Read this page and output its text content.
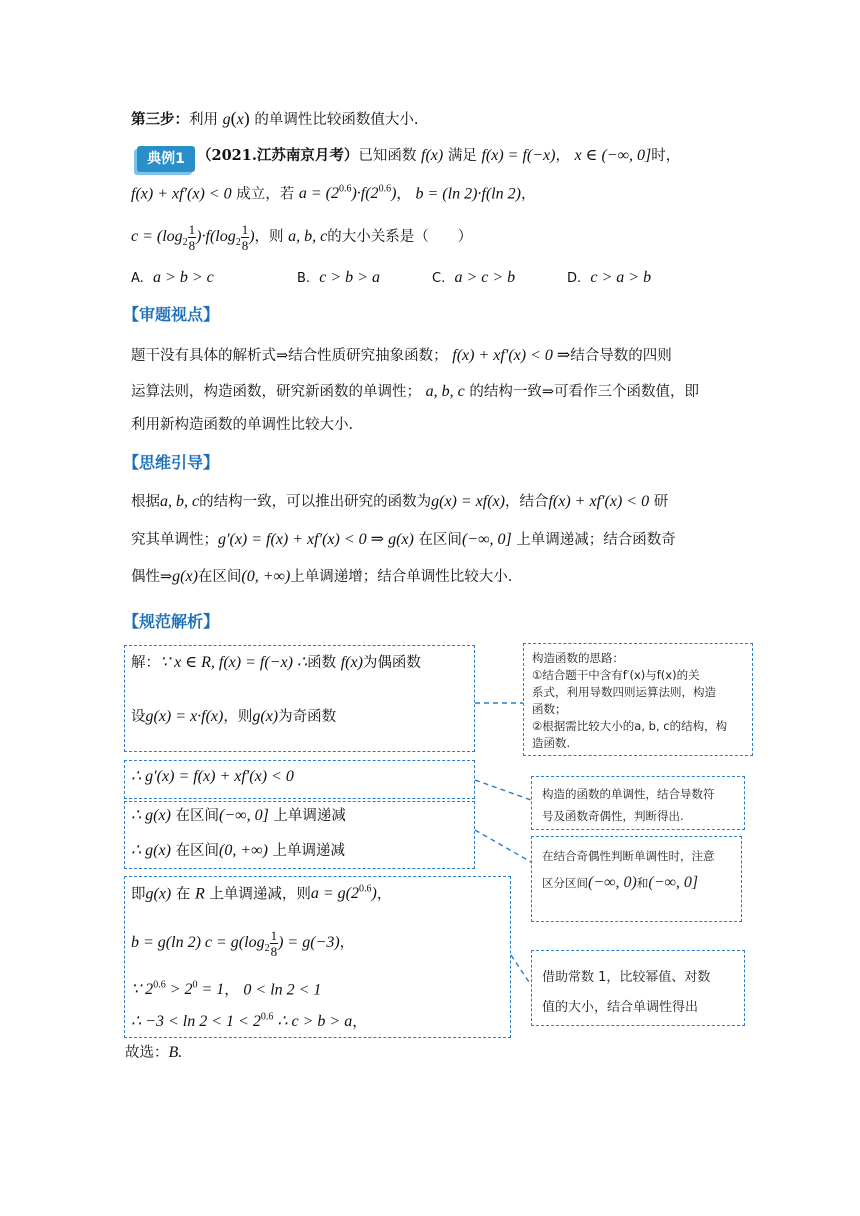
第三步：利用 g(x) 的单调性比较函数值大小.
典例1 （2021.江苏南京月考）已知函数 f(x) 满足 f(x) = f(−x)， x ∈ (−∞, 0]时，
f(x) + xf′(x) < 0 成立，若 $a = (2^{0.6})\cdot f(2^{0.6})$， b = (ln 2)·f(ln 2)，
$c = (\log_2 \frac{1}{8} )\cdot f(\log_2 \frac{1}{8}$ )，则 a, b, c的大小关系是（　　）
A. a > b > c	B. c > b > a	C. a > c > b	D. c > a > b
【审题视点】
题干没有具体的解析式⇒结合性质研究抽象函数； f(x) + xf′(x) < 0 ⇒结合导数的四则
运算法则，构造函数，研究新函数的单调性； a, b, c 的结构一致⇒可看作三个函数值，即
利用新构造函数的单调性比较大小.
【思维引导】
根据a, b, c的结构一致，可以推出研究的函数为g(x) = xf(x)，结合f(x) + xf′(x) < 0 研
究其单调性；g′(x) = f(x) + xf′(x) < 0 ⇒ g(x) 在区间(−∞, 0] 上单调递减；结合函数奇
偶性⇒g(x)在区间(0, +∞)上单调递增；结合单调性比较大小.
【规范解析】
解：∵ x ∈ R, f(x) = f(−x) ∴函数 f(x)为偶函数
设g(x) = x·f(x)，则g(x)为奇函数
∴ g′(x) = f(x) + xf′(x) < 0
∴ g(x) 在区间(−∞, 0] 上单调递减
∴ g(x) 在区间(0, +∞) 上单调递减
即g(x) 在 R 上单调递减，则$a = g(2^{0.6})$，
b = g(ln 2) $c = g(\log_2 \frac{1}{8}$ ) = g(−3)，
∵ $2^{0.6} > 2^0 = 1$， 0 < ln 2 < 1
∴ $-3 < \ln 2 < 1 < 2^{0.6}$ ∴ c > b > a，
故选：B.
构造函数的思路：
①结合题干中含有f′(x)与f(x)的关
系式，利用导数四则运算法则，构造
函数；
②根据需比较大小的a, b, c的结构，构
造函数.
构造的函数的单调性，结合导数符
号及函数奇偶性，判断得出.
在结合奇偶性判断单调性时，注意
区分区间(−∞, 0)和(−∞, 0]
借助常数 1，比较幂值、对数
值的大小，结合单调性得出
